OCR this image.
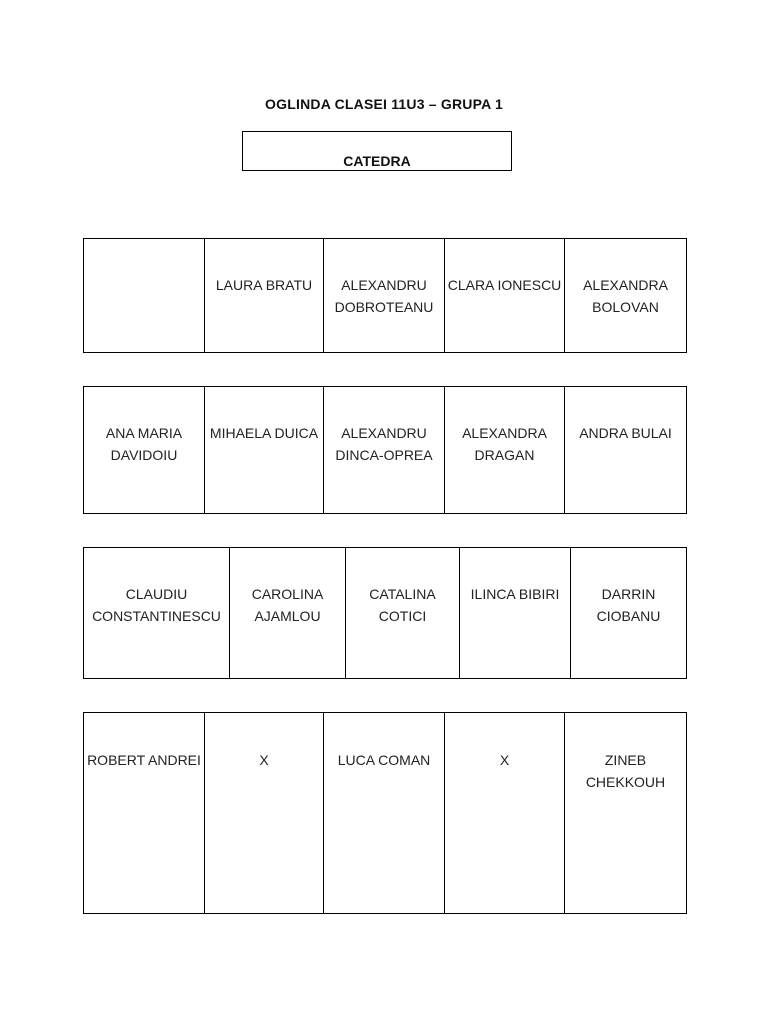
OGLINDA CLASEI 11U3 – GRUPA 1
CATEDRA
	LAURA BRATU	ALEXANDRU DOBROTEANU	CLARA IONESCU	ALEXANDRA BOLOVAN
ANA MARIA DAVIDOIU	MIHAELA DUICA	ALEXANDRU DINCA-OPREA	ALEXANDRA DRAGAN	ANDRA BULAI
CLAUDIU CONSTANTINESCU	CAROLINA AJAMLOU	CATALINA COTICI	ILINCA BIBIRI	DARRIN CIOBANU
ROBERT ANDREI	X	LUCA COMAN	X	ZINEB CHEKKOUH
